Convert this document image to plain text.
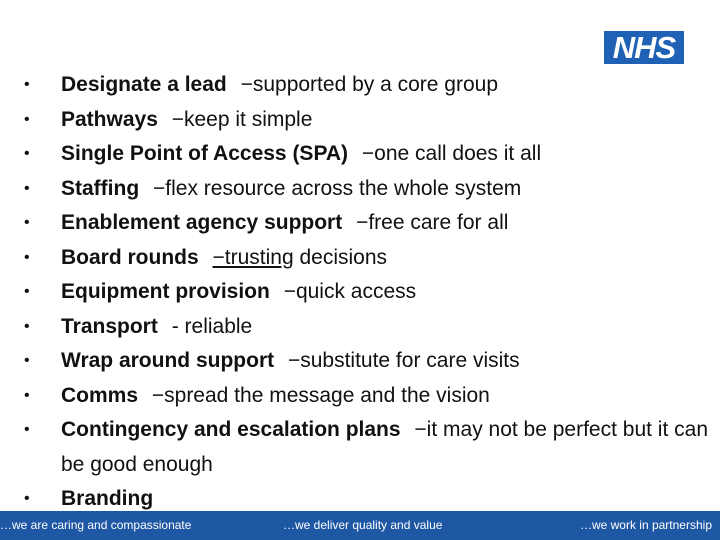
NHS
• Designate a lead −supported by a core group
• Pathways −keep it simple
• Single Point of Access (SPA) −one call does it all
• Staffing −flex resource across the whole system
• Enablement agency support −free care for all
• Board rounds −trusting decisions
• Equipment provision −quick access
• Transport - reliable
• Wrap around support −substitute for care visits
• Comms −spread the message and the vision
• Contingency and escalation plans −it may not be perfect but it can be good enough
• Branding
…we are caring and compassionate	…we deliver quality and value	…we work in partnership
